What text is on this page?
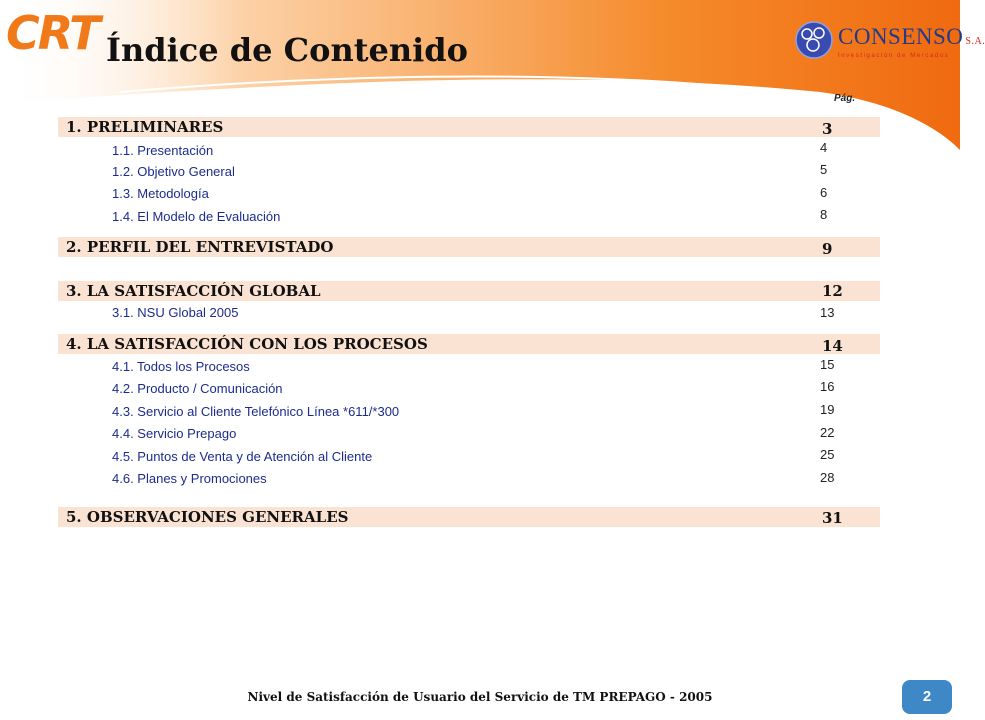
CRT Índice de Contenido	CONSENSO S.A.
Investigación de Mercados
Pág.
1. PRELIMINARES	3
1.1. Presentación	4
1.2. Objetivo General	5
1.3. Metodología	6
1.4. El Modelo de Evaluación	8
2. PERFIL DEL ENTREVISTADO	9
3. LA SATISFACCIÓN GLOBAL	12
3.1. NSU Global 2005	13
4. LA SATISFACCIÓN CON LOS PROCESOS	14
4.1. Todos los Procesos	15
4.2. Producto / Comunicación	16
4.3. Servicio al Cliente Telefónico Línea *611/*300	19
4.4. Servicio Prepago	22
4.5. Puntos de Venta y de Atención al Cliente	25
4.6. Planes y Promociones	28
5. OBSERVACIONES GENERALES	31
Nivel de Satisfacción de Usuario del Servicio de TM PREPAGO - 2005	2
